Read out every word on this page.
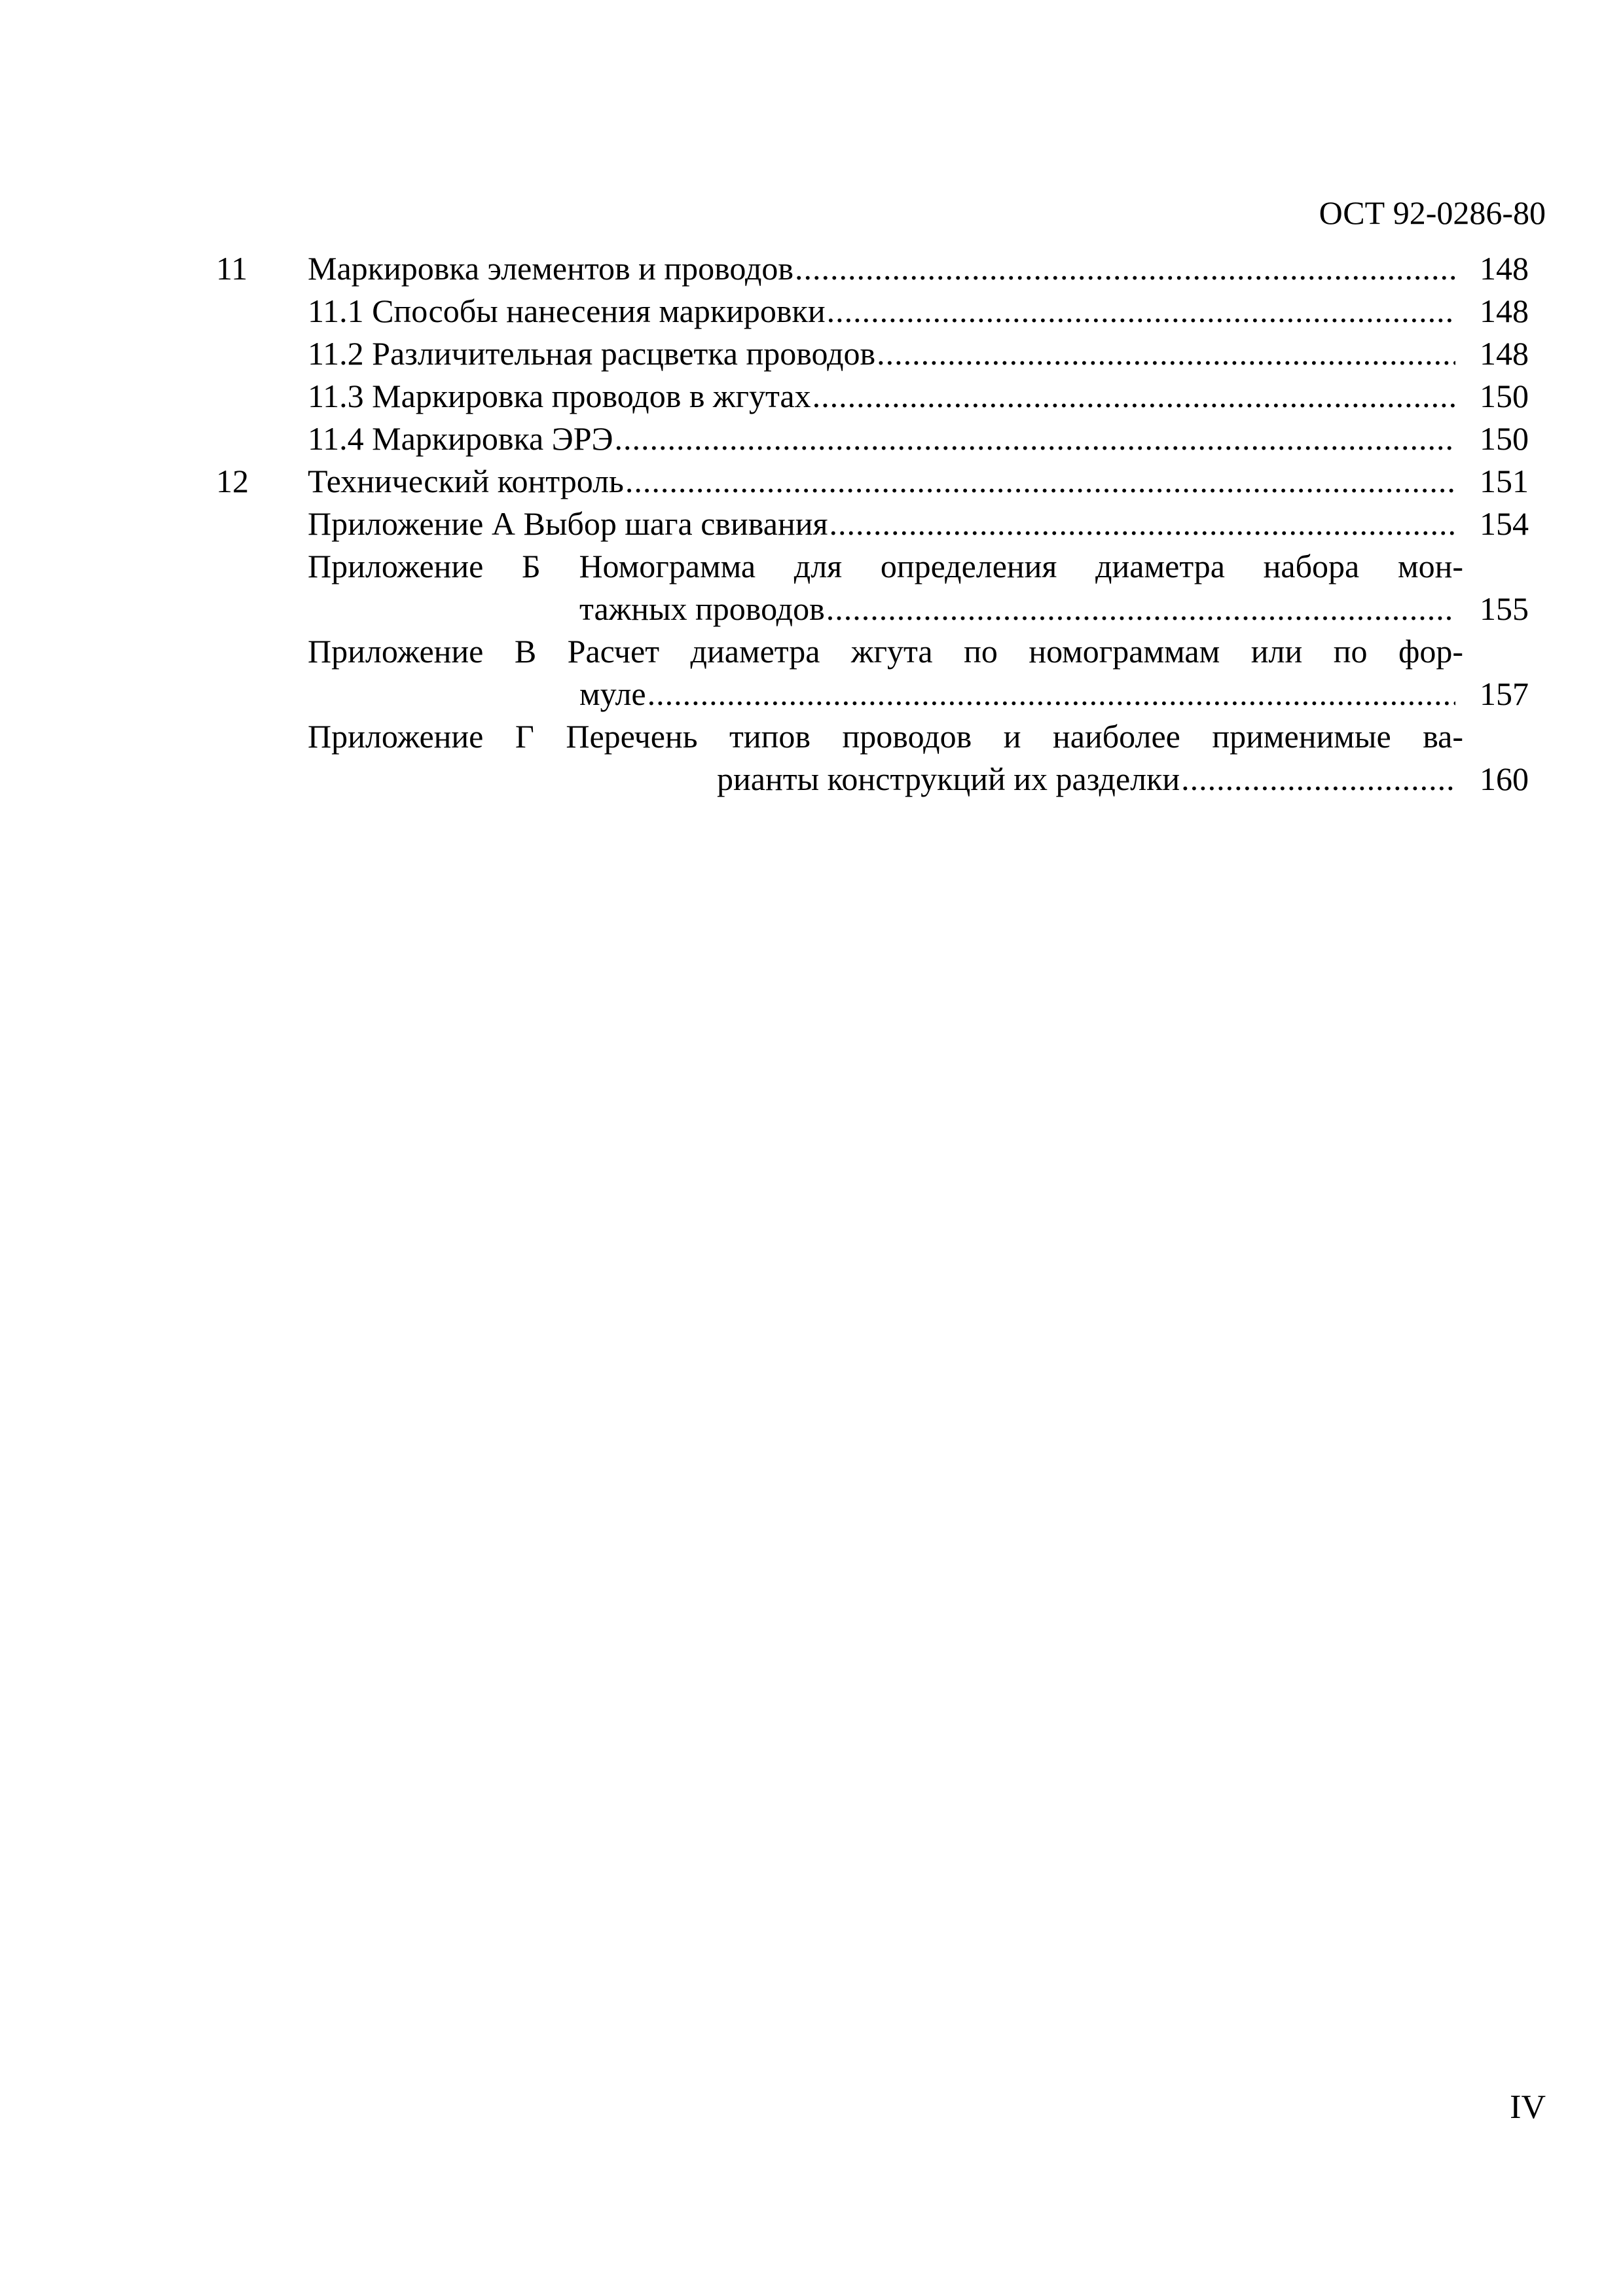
ОСТ 92-0286-80
11 Маркировка элементов и проводов .....	148
11.1 Способы нанесения маркировки .....	148
11.2 Различительная расцветка проводов .....	148
11.3 Маркировка проводов в жгутах .....	150
11.4 Маркировка ЭРЭ .....	150
12 Технический контроль .....	151
Приложение А Выбор шага свивания .....	154
Приложение Б Номограмма для определения диаметра набора мон-
тажных проводов .....	155
Приложение В Расчет диаметра жгута по номограммам или по фор-
муле .....	157
Приложение Г Перечень типов проводов и наиболее применимые ва-
рианты конструкций их разделки .....	160
IV
